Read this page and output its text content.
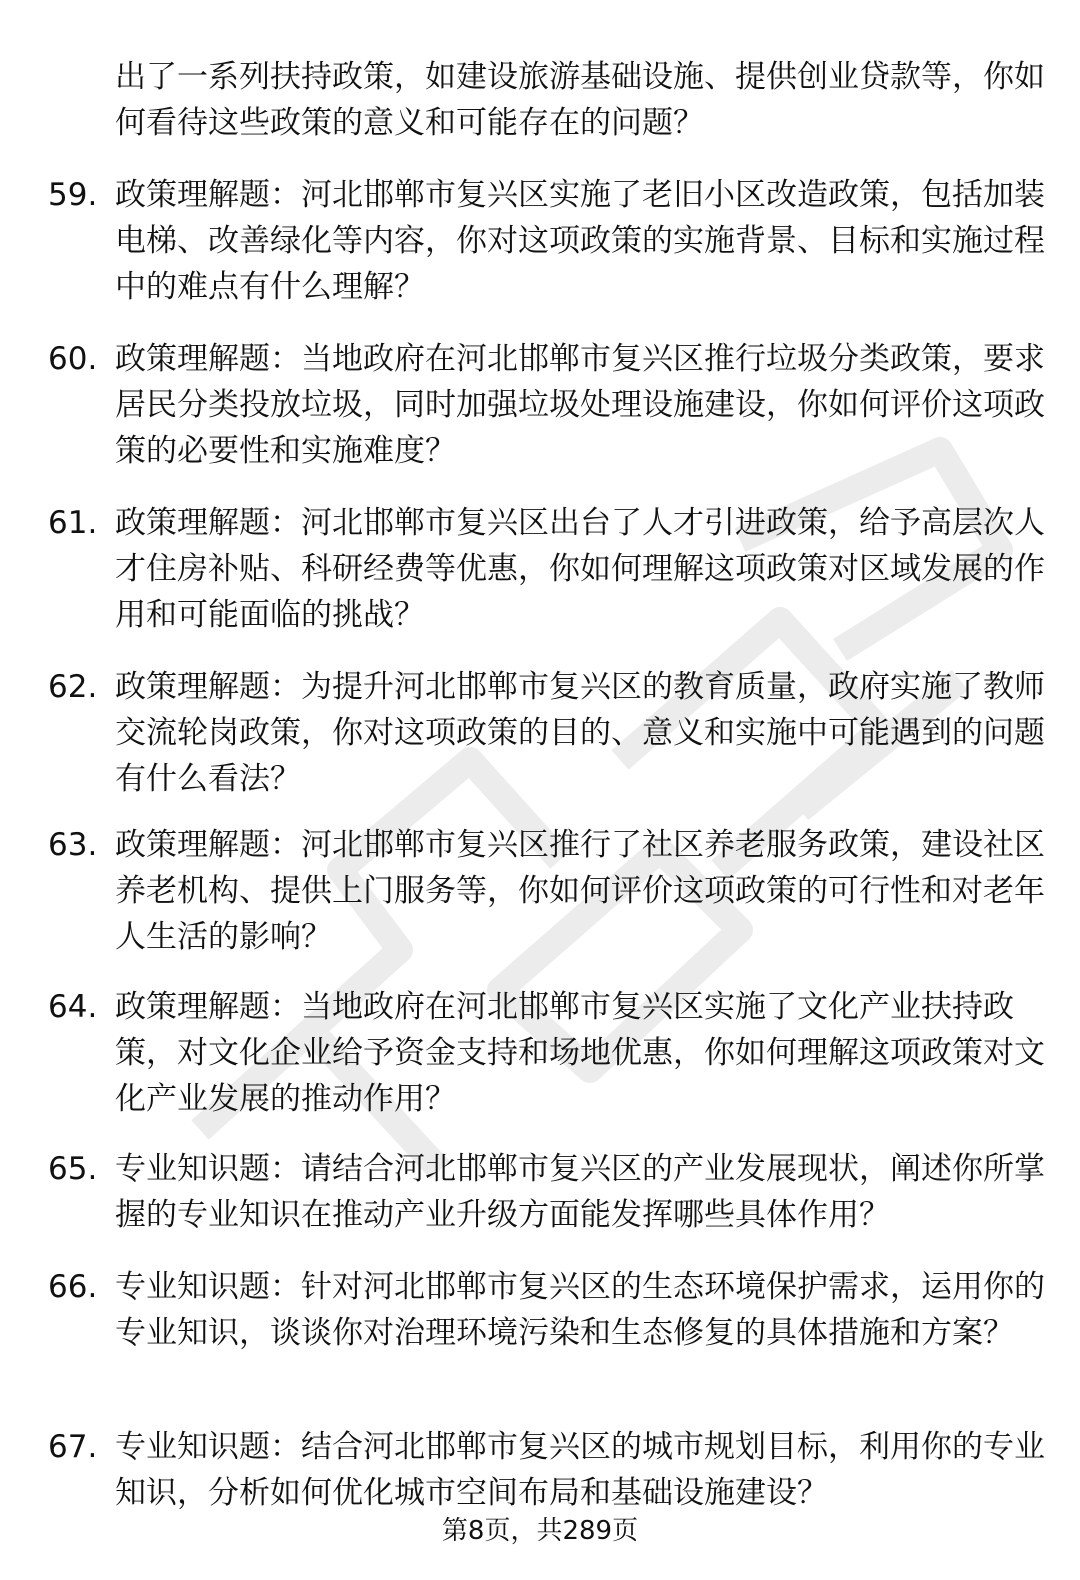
出了一系列扶持政策，如建设旅游基础设施、提供创业贷款等，你如何看待这些政策的意义和可能存在的问题？
59. 政策理解题：河北邯郸市复兴区实施了老旧小区改造政策，包括加装电梯、改善绿化等内容，你对这项政策的实施背景、目标和实施过程中的难点有什么理解？
60. 政策理解题：当地政府在河北邯郸市复兴区推行垃圾分类政策，要求居民分类投放垃圾，同时加强垃圾处理设施建设，你如何评价这项政策的必要性和实施难度？
61. 政策理解题：河北邯郸市复兴区出台了人才引进政策，给予高层次人才住房补贴、科研经费等优惠，你如何理解这项政策对区域发展的作用和可能面临的挑战？
62. 政策理解题：为提升河北邯郸市复兴区的教育质量，政府实施了教师交流轮岗政策，你对这项政策的目的、意义和实施中可能遇到的问题有什么看法？
63. 政策理解题：河北邯郸市复兴区推行了社区养老服务政策，建设社区养老机构、提供上门服务等，你如何评价这项政策的可行性和对老年人生活的影响？
64. 政策理解题：当地政府在河北邯郸市复兴区实施了文化产业扶持政策，对文化企业给予资金支持和场地优惠，你如何理解这项政策对文化产业发展的推动作用？
65. 专业知识题：请结合河北邯郸市复兴区的产业发展现状，阐述你所掌握的专业知识在推动产业升级方面能发挥哪些具体作用？
66. 专业知识题：针对河北邯郸市复兴区的生态环境保护需求，运用你的专业知识，谈谈你对治理环境污染和生态修复的具体措施和方案？
67. 专业知识题：结合河北邯郸市复兴区的城市规划目标，利用你的专业知识，分析如何优化城市空间布局和基础设施建设？
第8页，共289页
